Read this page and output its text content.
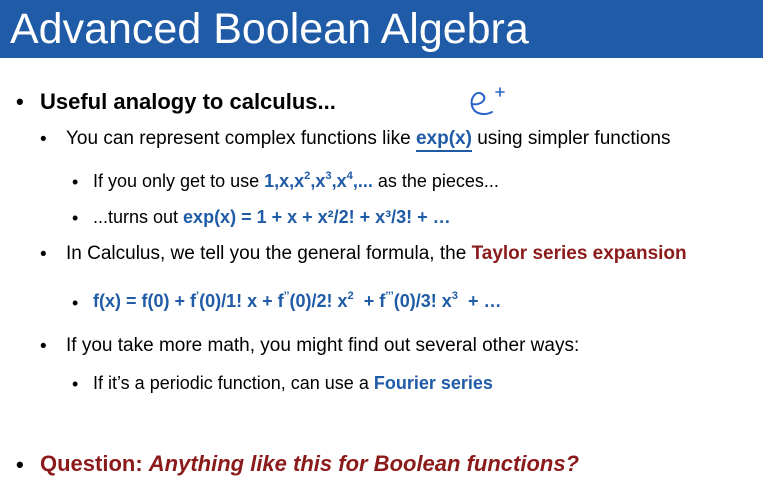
Advanced Boolean Algebra
• Useful analogy to calculus...
• You can represent complex functions like exp(x) using simpler functions
• If you only get to use $1,x,x^2,x^3,x^4$,... as the pieces...
• ...turns out exp(x) = 1 + x + x²/2! + x³/3! + …
• In Calculus, we tell you the general formula, the Taylor series expansion
• f(x) = f(0) + f’(0)/1! x + f’’(0)/2! $x^2 + f^{’’’}(0)/3$! $x^3$  + …
• If you take more math, you might find out several other ways:
• If it’s a periodic function, can use a Fourier series
• Question: Anything like this for Boolean functions?
